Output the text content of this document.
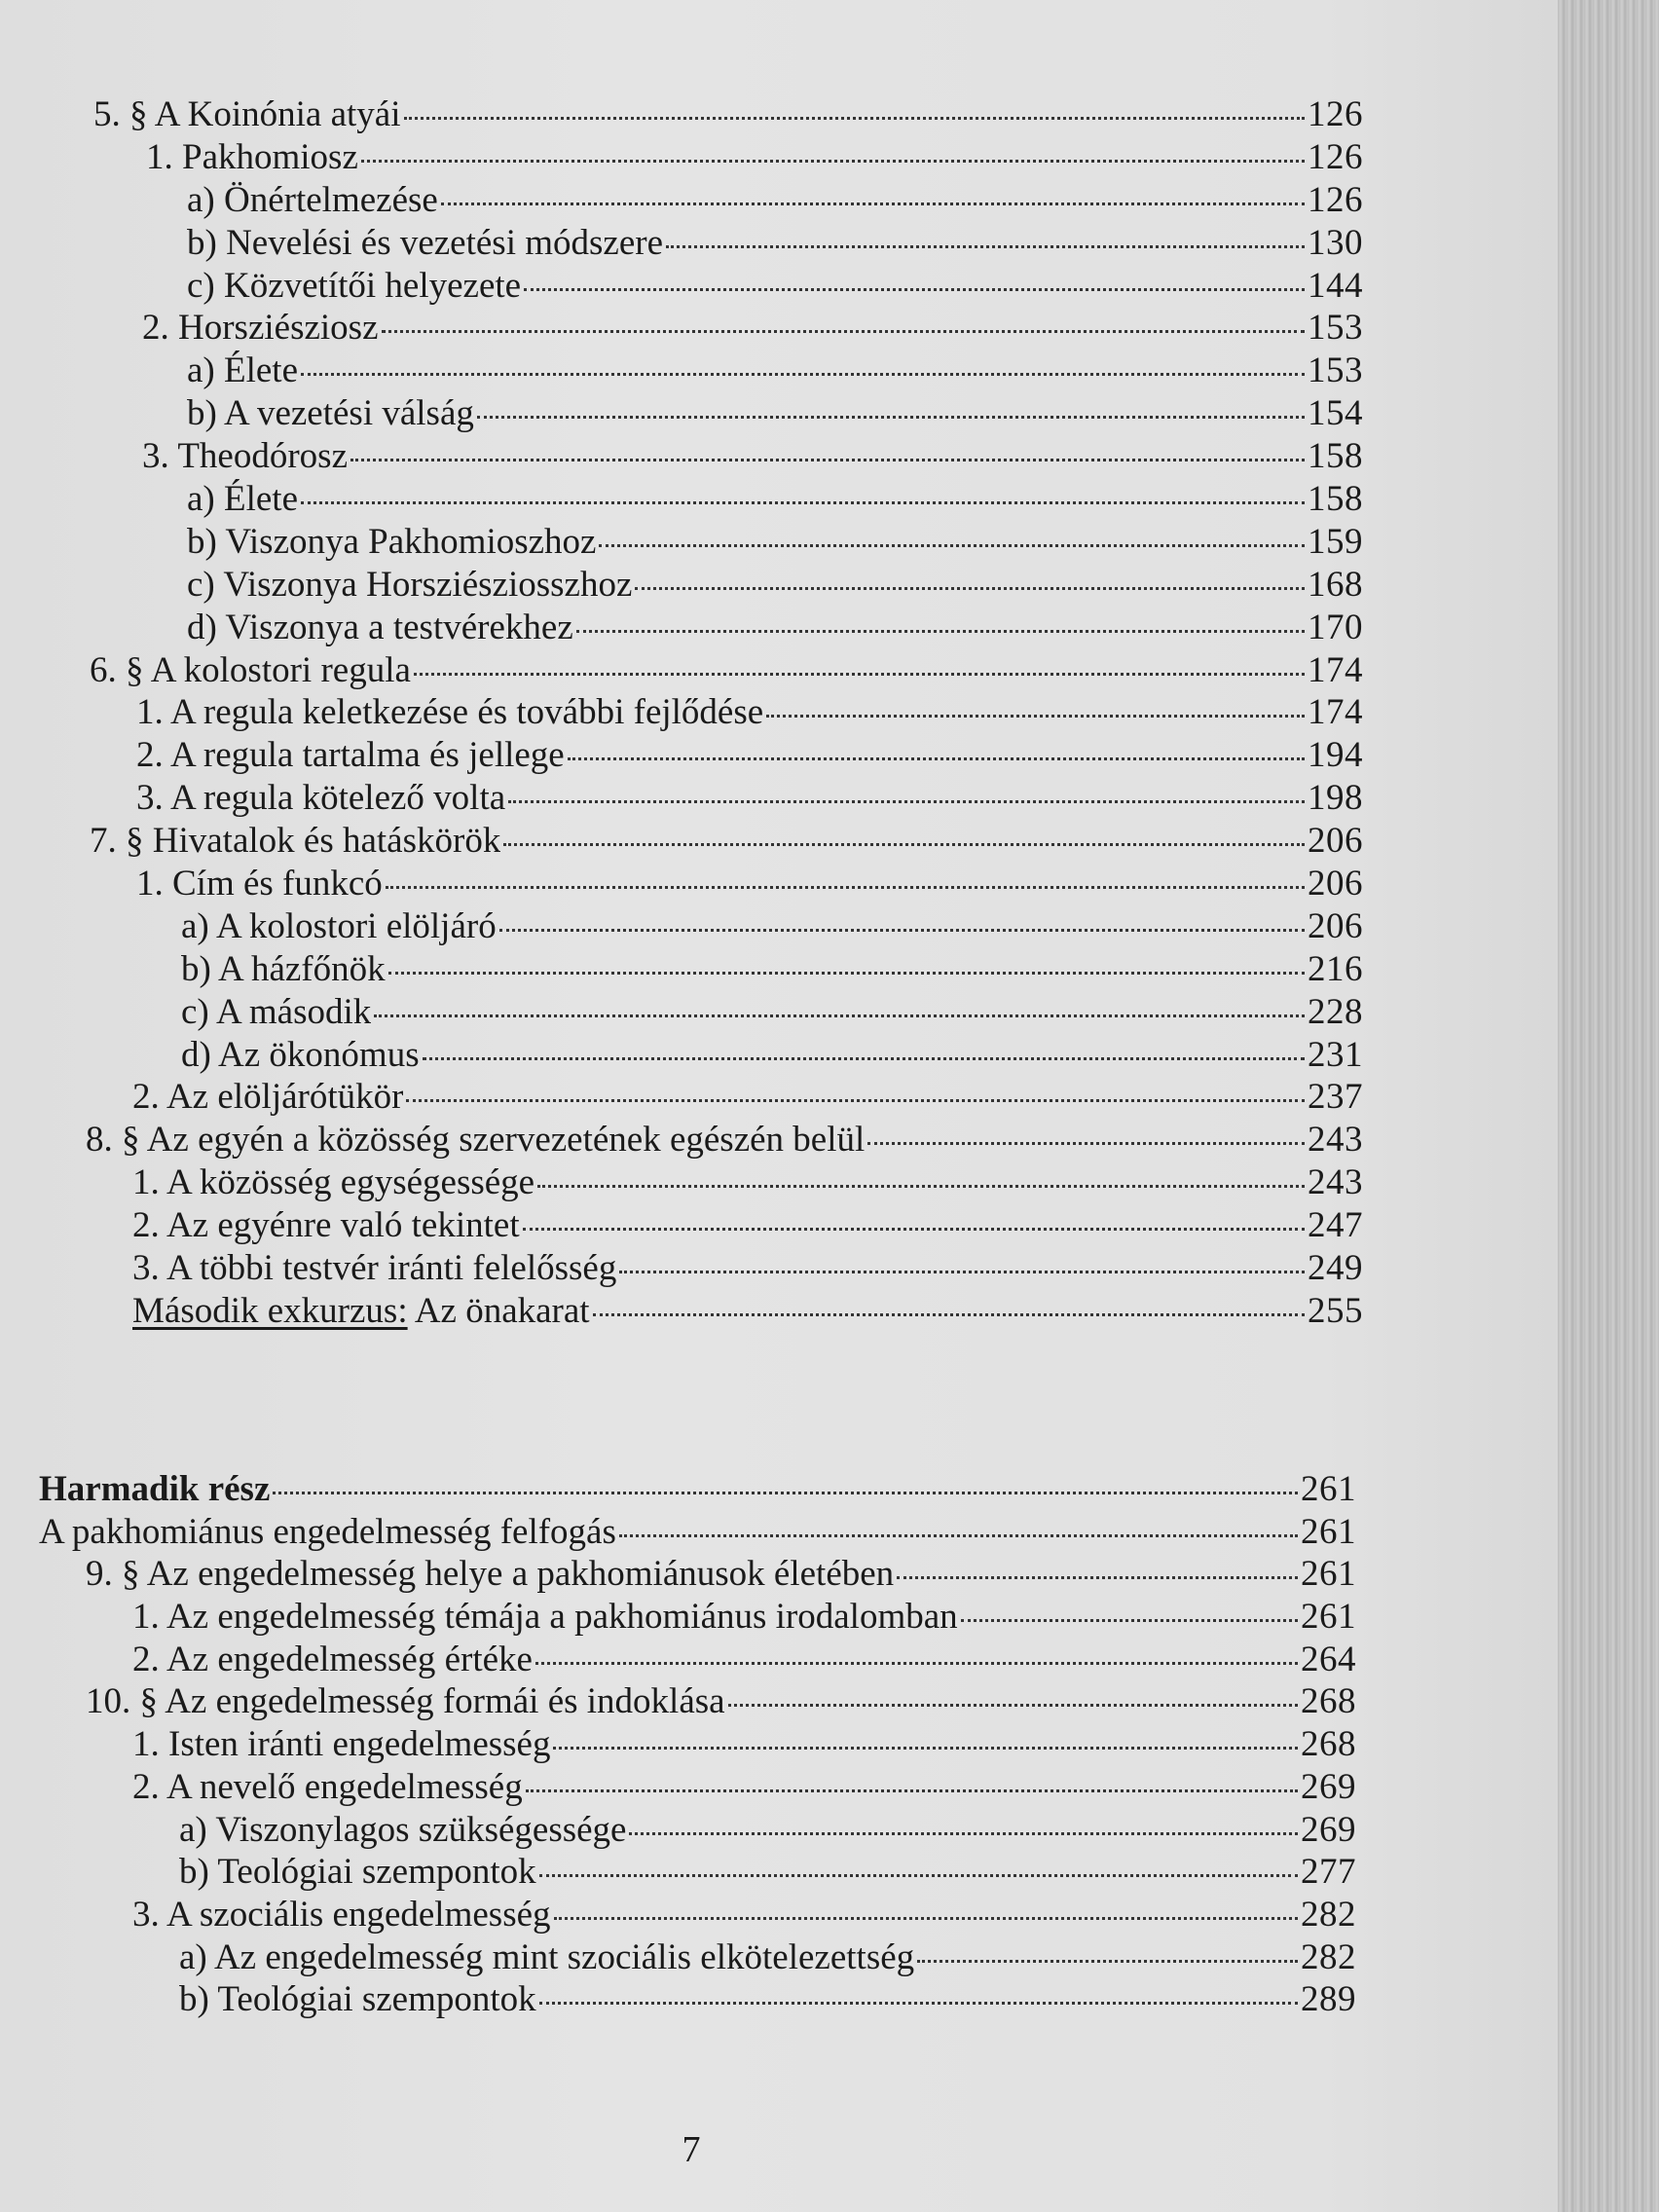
5. § A Koinónia atyái	126
1. Pakhomiosz	126
a) Önértelmezése	126
b) Nevelési és vezetési módszere	130
c) Közvetítői helyezete	144
2. Horsziésziosz	153
a) Élete	153
b) A vezetési válság	154
3. Theodórosz	158
a) Élete	158
b) Viszonya Pakhomioszhoz	159
c) Viszonya Horsziésziosszhoz	168
d) Viszonya a testvérekhez	170
6. § A kolostori regula	174
1. A regula keletkezése és további fejlődése	174
2. A regula tartalma és jellege	194
3. A regula kötelező volta	198
7. § Hivatalok és hatáskörök	206
1. Cím és funkcó	206
a) A kolostori elöljáró	206
b) A házfőnök	216
c) A második	228
d) Az ökonómus	231
2. Az elöljárótükör	237
8. § Az egyén a közösség szervezetének egészén belül	243
1. A közösség egységessége	243
2. Az egyénre való tekintet	247
3. A többi testvér iránti felelősség	249
Második exkurzus: Az önakarat	255
Harmadik rész	261
A pakhomiánus engedelmesség felfogás	261
9. § Az engedelmesség helye a pakhomiánusok életében	261
1. Az engedelmesség témája a pakhomiánus irodalomban	261
2. Az engedelmesség értéke	264
10. § Az engedelmesség formái és indoklása	268
1. Isten iránti engedelmesség	268
2. A nevelő engedelmesség	269
a) Viszonylagos szükségessége	269
b) Teológiai szempontok	277
3. A szociális engedelmesség	282
a) Az engedelmesség mint szociális elkötelezettség	282
b) Teológiai szempontok	289
7
